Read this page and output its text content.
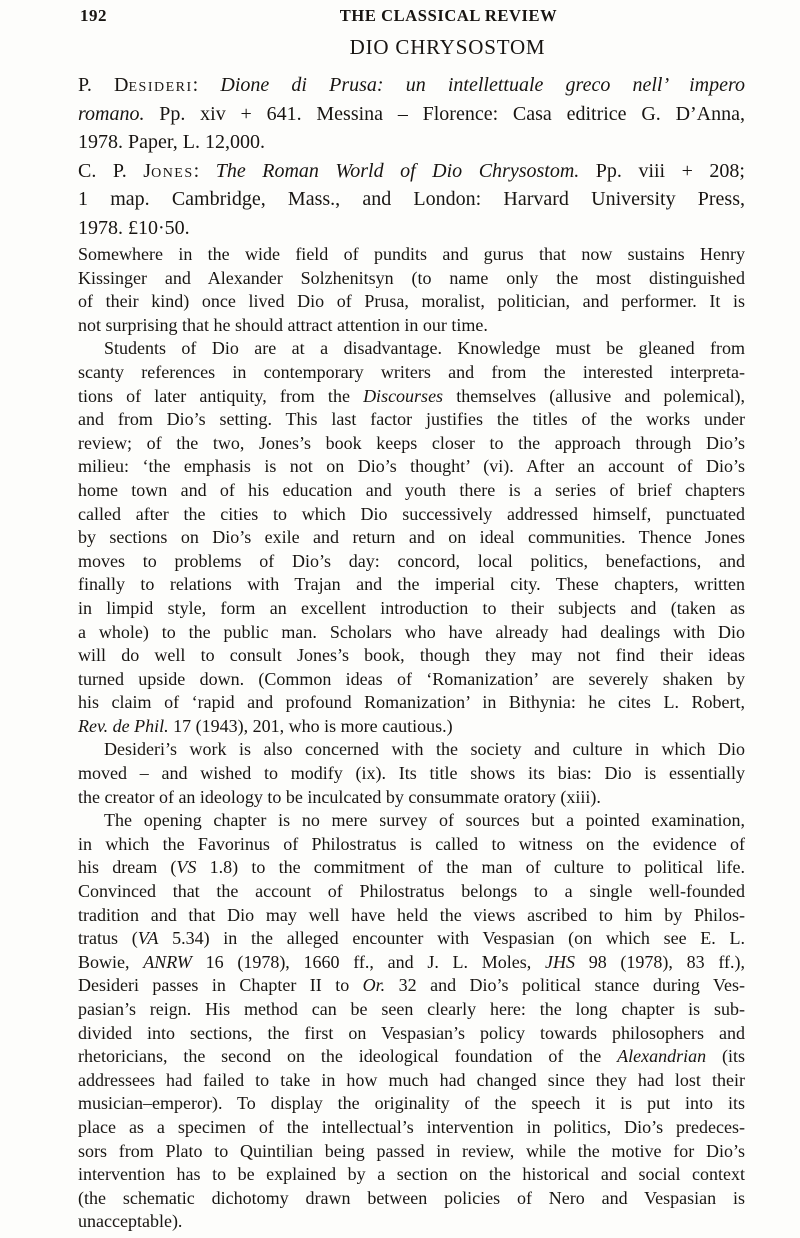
192	THE CLASSICAL REVIEW
DIO CHRYSOSTOM
P. Desideri: Dione di Prusa: un intellettuale greco nell’ impero
romano. Pp. xiv + 641. Messina – Florence: Casa editrice G. D’Anna,
1978. Paper, L. 12,000.
C. P. Jones: The Roman World of Dio Chrysostom. Pp. viii + 208;
1 map. Cambridge, Mass., and London: Harvard University Press,
1978. £10·50.
Somewhere in the wide field of pundits and gurus that now sustains Henry
Kissinger and Alexander Solzhenitsyn (to name only the most distinguished
of their kind) once lived Dio of Prusa, moralist, politician, and performer. It is
not surprising that he should attract attention in our time.
Students of Dio are at a disadvantage. Knowledge must be gleaned from
scanty references in contemporary writers and from the interested interpreta-
tions of later antiquity, from the Discourses themselves (allusive and polemical),
and from Dio’s setting. This last factor justifies the titles of the works under
review; of the two, Jones’s book keeps closer to the approach through Dio’s
milieu: ‘the emphasis is not on Dio’s thought’ (vi). After an account of Dio’s
home town and of his education and youth there is a series of brief chapters
called after the cities to which Dio successively addressed himself, punctuated
by sections on Dio’s exile and return and on ideal communities. Thence Jones
moves to problems of Dio’s day: concord, local politics, benefactions, and
finally to relations with Trajan and the imperial city. These chapters, written
in limpid style, form an excellent introduction to their subjects and (taken as
a whole) to the public man. Scholars who have already had dealings with Dio
will do well to consult Jones’s book, though they may not find their ideas
turned upside down. (Common ideas of ‘Romanization’ are severely shaken by
his claim of ‘rapid and profound Romanization’ in Bithynia: he cites L. Robert,
Rev. de Phil. 17 (1943), 201, who is more cautious.)
Desideri’s work is also concerned with the society and culture in which Dio
moved – and wished to modify (ix). Its title shows its bias: Dio is essentially
the creator of an ideology to be inculcated by consummate oratory (xiii).
The opening chapter is no mere survey of sources but a pointed examination,
in which the Favorinus of Philostratus is called to witness on the evidence of
his dream (VS 1.8) to the commitment of the man of culture to political life.
Convinced that the account of Philostratus belongs to a single well-founded
tradition and that Dio may well have held the views ascribed to him by Philos-
tratus (VA 5.34) in the alleged encounter with Vespasian (on which see E. L.
Bowie, ANRW 16 (1978), 1660 ff., and J. L. Moles, JHS 98 (1978), 83 ff.),
Desideri passes in Chapter II to Or. 32 and Dio’s political stance during Ves-
pasian’s reign. His method can be seen clearly here: the long chapter is sub-
divided into sections, the first on Vespasian’s policy towards philosophers and
rhetoricians, the second on the ideological foundation of the Alexandrian (its
addressees had failed to take in how much had changed since they had lost their
musician–emperor). To display the originality of the speech it is put into its
place as a specimen of the intellectual’s intervention in politics, Dio’s predeces-
sors from Plato to Quintilian being passed in review, while the motive for Dio’s
intervention has to be explained by a section on the historical and social context
(the schematic dichotomy drawn between policies of Nero and Vespasian is
unacceptable).
